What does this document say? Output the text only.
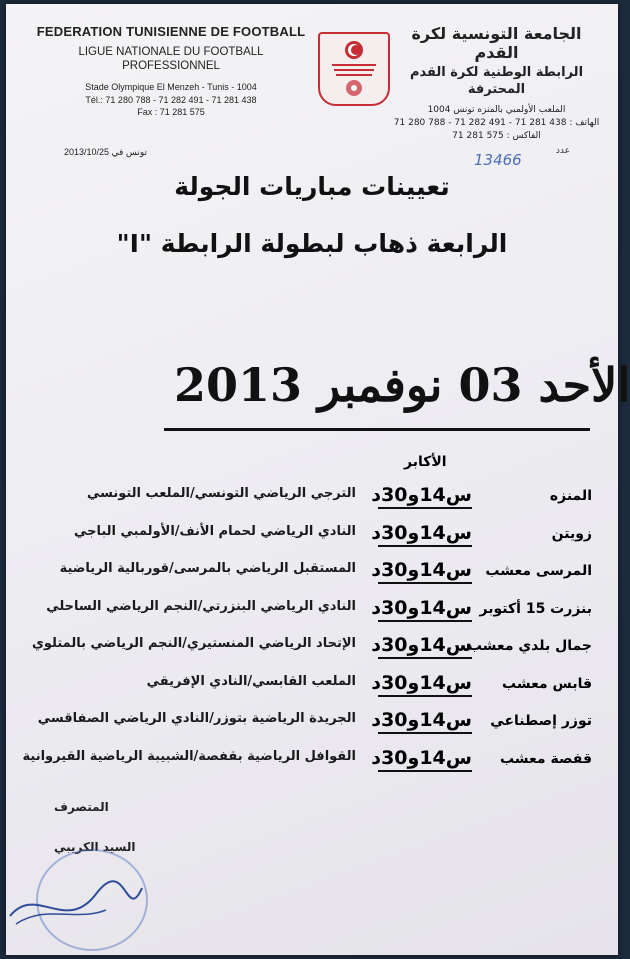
FEDERATION TUNISIENNE DE FOOTBALL
LIGUE NATIONALE DU FOOTBALL
PROFESSIONNEL
Stade Olympique El Menzeh - Tunis - 1004
Tél.: 71 280 788 - 71 282 491 - 71 281 438
Fax : 71 281 575
2013/10/25 تونس في
الجامعة التونسية لكرة القدم
الرابطة الوطنية لكرة القدم
المحترفة
الملعب الأولمبي بالمنزه تونس 1004
الهاتف : 438 281 71 - 491 282 71 - 788 280 71
الفاكس : 575 281 71
عدد
13466
تعيينات مباريات الجولة
الرابعة ذهاب لبطولة الرابطة "I"
الأحد 03 نوفمبر 2013
الأكابر
المنزه
س14و30د
الترجي الرياضي التونسي/الملعب التونسي
زويتن
س14و30د
النادي الرياضي لحمام الأنف/الأولمبي الباجي
المرسى معشب
س14و30د
المستقبل الرياضي بالمرسى/قوربالية الرياضية
بنزرت 15 أكتوبر
س14و30د
النادي الرياضي البنزرتي/النجم الرياضي الساحلي
جمال بلدي معشب
س14و30د
الإتحاد الرياضي المنستيري/النجم الرياضي بالمتلوي
قابس معشب
س14و30د
الملعب القابسي/النادي الإفريقي
توزر إصطناعي
س14و30د
الجريدة الرياضية بتوزر/النادي الرياضي الصفاقسي
قفصة معشب
س14و30د
القوافل الرياضية بقفصة/الشبيبة الرياضية القيروانية
المتصرف
السيد الكريبي
